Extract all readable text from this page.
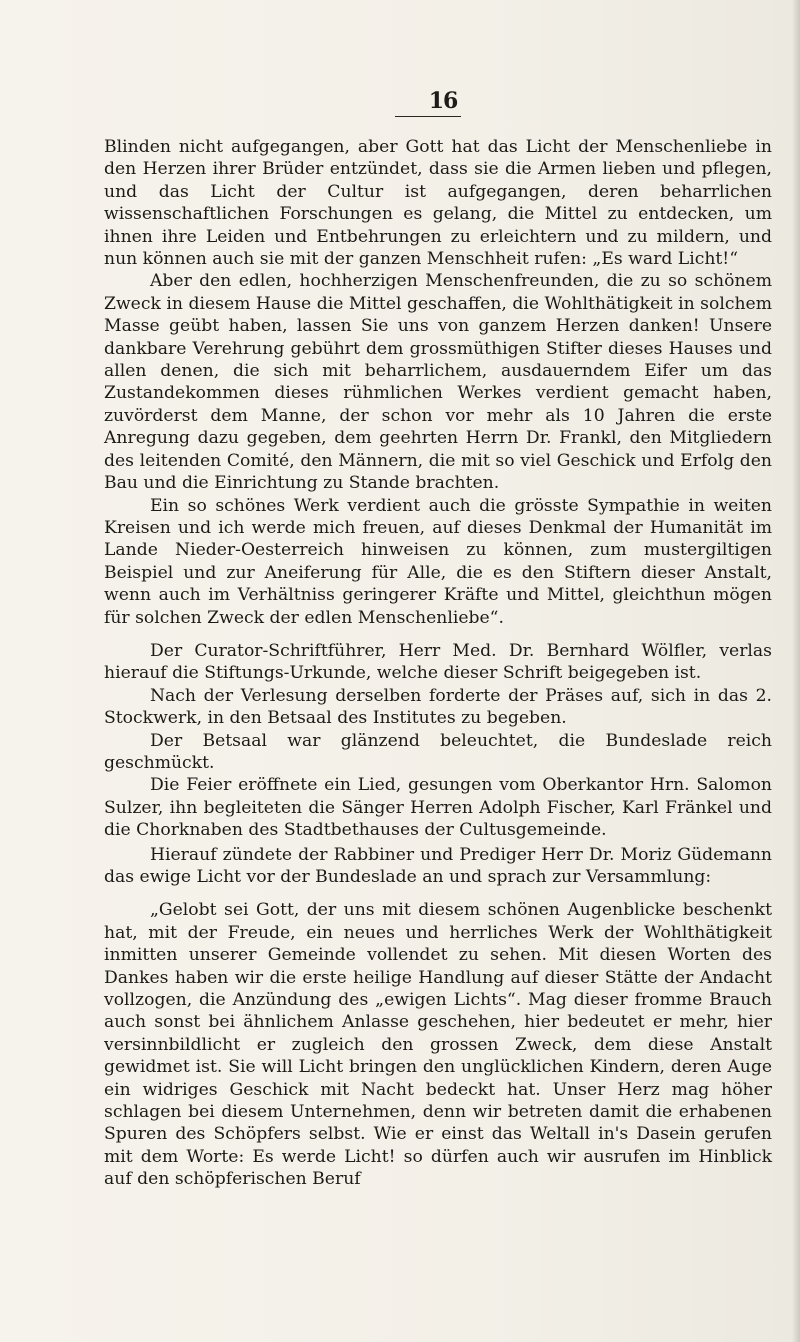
16

Blinden nicht aufgegangen, aber Gott hat das Licht der Menschenliebe in den Herzen ihrer Brüder entzündet, dass sie die Armen lieben und pflegen, und das Licht der Cultur ist aufgegangen, deren beharrlichen wissenschaftlichen Forschungen es gelang, die Mittel zu entdecken, um ihnen ihre Leiden und Entbehrungen zu erleichtern und zu mildern, und nun können auch sie mit der ganzen Menschheit rufen: „Es ward Licht!“

Aber den edlen, hochherzigen Menschenfreunden, die zu so schönem Zweck in diesem Hause die Mittel geschaffen, die Wohlthätigkeit in solchem Masse geübt haben, lassen Sie uns von ganzem Herzen danken! Unsere dankbare Verehrung gebührt dem grossmüthigen Stifter dieses Hauses und allen denen, die sich mit beharrlichem, ausdauerndem Eifer um das Zustandekommen dieses rühmlichen Werkes verdient gemacht haben, zuvörderst dem Manne, der schon vor mehr als 10 Jahren die erste Anregung dazu gegeben, dem geehrten Herrn Dr. Frankl, den Mitgliedern des leitenden Comité, den Männern, die mit so viel Geschick und Erfolg den Bau und die Einrichtung zu Stande brachten.

Ein so schönes Werk verdient auch die grösste Sympathie in weiten Kreisen und ich werde mich freuen, auf dieses Denkmal der Humanität im Lande Nieder-Oesterreich hinweisen zu können, zum mustergiltigen Beispiel und zur Aneiferung für Alle, die es den Stiftern dieser Anstalt, wenn auch im Verhältniss geringerer Kräfte und Mittel, gleichthun mögen für solchen Zweck der edlen Menschenliebe“.

Der Curator-Schriftführer, Herr Med. Dr. Bernhard Wölfler, verlas hierauf die Stiftungs-Urkunde, welche dieser Schrift beigegeben ist.

Nach der Verlesung derselben forderte der Präses auf, sich in das 2. Stockwerk, in den Betsaal des Institutes zu begeben.

Der Betsaal war glänzend beleuchtet, die Bundeslade reich geschmückt.

Die Feier eröffnete ein Lied, gesungen vom Oberkantor Hrn. Salomon Sulzer, ihn begleiteten die Sänger Herren Adolph Fischer, Karl Fränkel und die Chorknaben des Stadtbethauses der Cultusgemeinde.

Hierauf zündete der Rabbiner und Prediger Herr Dr. Moriz Güdemann das ewige Licht vor der Bundeslade an und sprach zur Versammlung:

„Gelobt sei Gott, der uns mit diesem schönen Augenblicke beschenkt hat, mit der Freude, ein neues und herrliches Werk der Wohlthätigkeit inmitten unserer Gemeinde vollendet zu sehen. Mit diesen Worten des Dankes haben wir die erste heilige Handlung auf dieser Stätte der Andacht vollzogen, die Anzündung des „ewigen Lichts“. Mag dieser fromme Brauch auch sonst bei ähnlichem Anlasse geschehen, hier bedeutet er mehr, hier versinnbildlicht er zugleich den grossen Zweck, dem diese Anstalt gewidmet ist. Sie will Licht bringen den unglücklichen Kindern, deren Auge ein widriges Geschick mit Nacht bedeckt hat. Unser Herz mag höher schlagen bei diesem Unternehmen, denn wir betreten damit die erhabenen Spuren des Schöpfers selbst. Wie er einst das Weltall in's Dasein gerufen mit dem Worte: Es werde Licht! so dürfen auch wir ausrufen im Hinblick auf den schöpferischen Beruf
